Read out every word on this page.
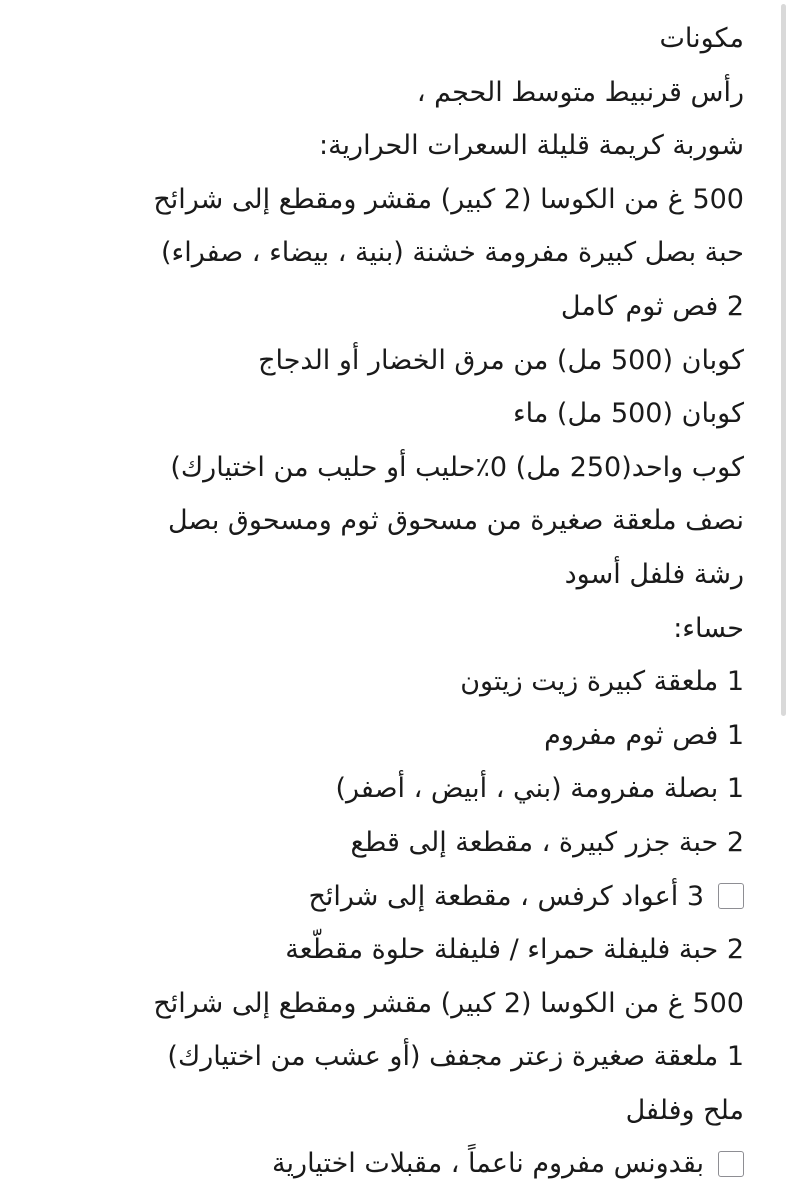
مكونات
رأس قرنبيط متوسط الحجم ،
شوربة كريمة قليلة السعرات الحرارية:
500 غ من الكوسا (2 كبير) مقشر ومقطع إلى شرائح
حبة بصل كبيرة مفرومة خشنة (بنية ، بيضاء ، صفراء)
2 فص ثوم كامل
كوبان (500 مل) من مرق الخضار أو الدجاج
كوبان (500 مل) ماء
كوب واحد(250 مل) 0٪حليب أو حليب من اختيارك)
نصف ملعقة صغيرة من مسحوق ثوم ومسحوق بصل
رشة فلفل أسود
حساء:
1 ملعقة كبيرة زيت زيتون
1 فص ثوم مفروم
1 بصلة مفرومة (بني ، أبيض ، أصفر)
2 حبة جزر كبيرة ، مقطعة إلى قطع
3 أعواد كرفس ، مقطعة إلى شرائح
2 حبة فليفلة حمراء / فليفلة حلوة مقطّعة
500 غ من الكوسا (2 كبير) مقشر ومقطع إلى شرائح
1 ملعقة صغيرة زعتر مجفف (أو عشب من اختيارك)
ملح وفلفل
بقدونس مفروم ناعماً ، مقبلات اختيارية
